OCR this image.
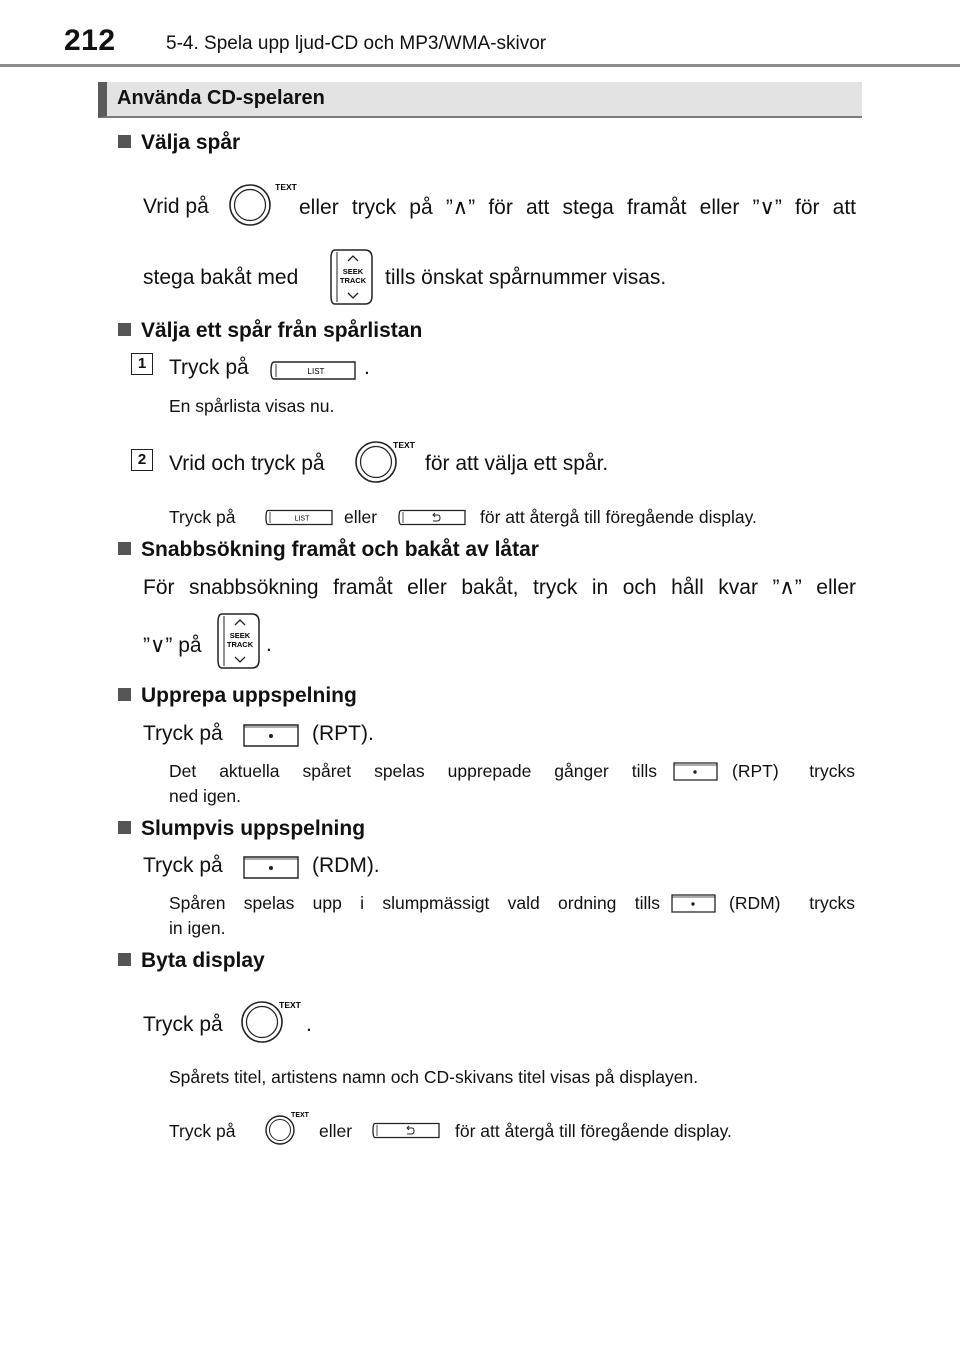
212	5-4. Spela upp ljud-CD och MP3/WMA-skivor
Använda CD-spelaren
Välja spår
Vrid på
TEXT
eller tryck på ”∧” för att stega framåt eller ”∨” för att
stega bakåt med	SEEK
TRACK tills önskat spårnummer visas.
Välja ett spår från spårlistan
1	Tryck på	LIST .
En spårlista visas nu.
2	Vrid och tryck på
TEXT
för att välja ett spår.
Tryck på	LIST eller	för att återgå till föregående display.
Snabbsökning framåt och bakåt av låtar
För snabbsökning framåt eller bakåt, tryck in och håll kvar ”∧” eller
”∨” på	SEEK
TRACK .
Upprepa uppspelning
Tryck på	(RPT).
Det aktuella spåret spelas upprepade gånger tills	(RPT) trycks
ned igen.
Slumpvis uppspelning
Tryck på	(RDM).
Spåren spelas upp i slumpmässigt vald ordning tills	(RDM) trycks
in igen.
Byta display
Tryck på
TEXT
.
Spårets titel, artistens namn och CD-skivans titel visas på displayen.
Tryck på
TEXT
eller	för att återgå till föregående display.
